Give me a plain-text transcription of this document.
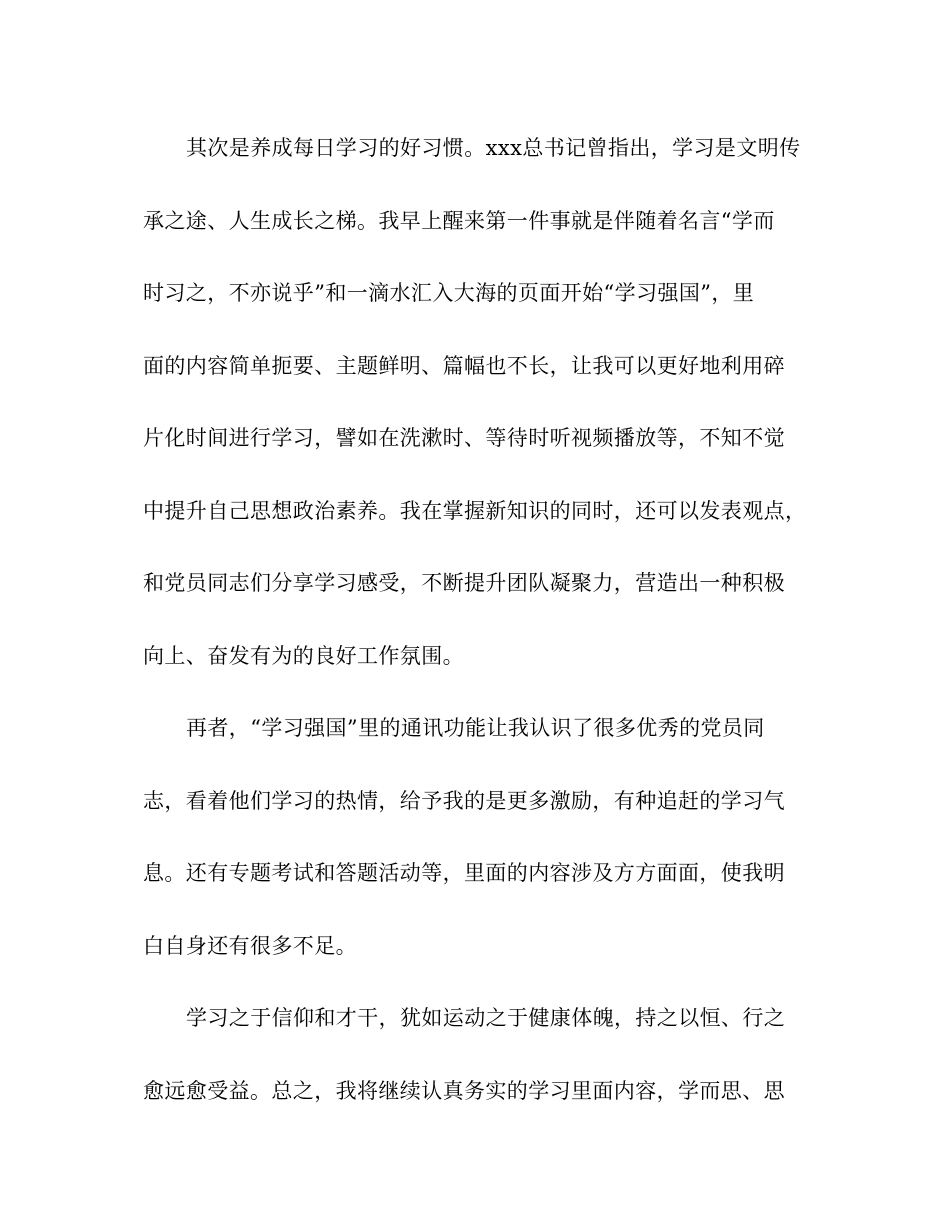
其次是养成每日学习的好习惯。xxx总书记曾指出，学习是文明传
承之途、人生成长之梯。我早上醒来第一件事就是伴随着名言“学而
时习之，不亦说乎”和一滴水汇入大海的页面开始“学习强国”，里
面的内容简单扼要、主题鲜明、篇幅也不长，让我可以更好地利用碎
片化时间进行学习，譬如在洗漱时、等待时听视频播放等，不知不觉
中提升自己思想政治素养。我在掌握新知识的同时，还可以发表观点，
和党员同志们分享学习感受，不断提升团队凝聚力，营造出一种积极
向上、奋发有为的良好工作氛围。
再者，“学习强国”里的通讯功能让我认识了很多优秀的党员同
志，看着他们学习的热情，给予我的是更多激励，有种追赶的学习气
息。还有专题考试和答题活动等，里面的内容涉及方方面面，使我明
白自身还有很多不足。
学习之于信仰和才干，犹如运动之于健康体魄，持之以恒、行之
愈远愈受益。总之，我将继续认真务实的学习里面内容，学而思、思
